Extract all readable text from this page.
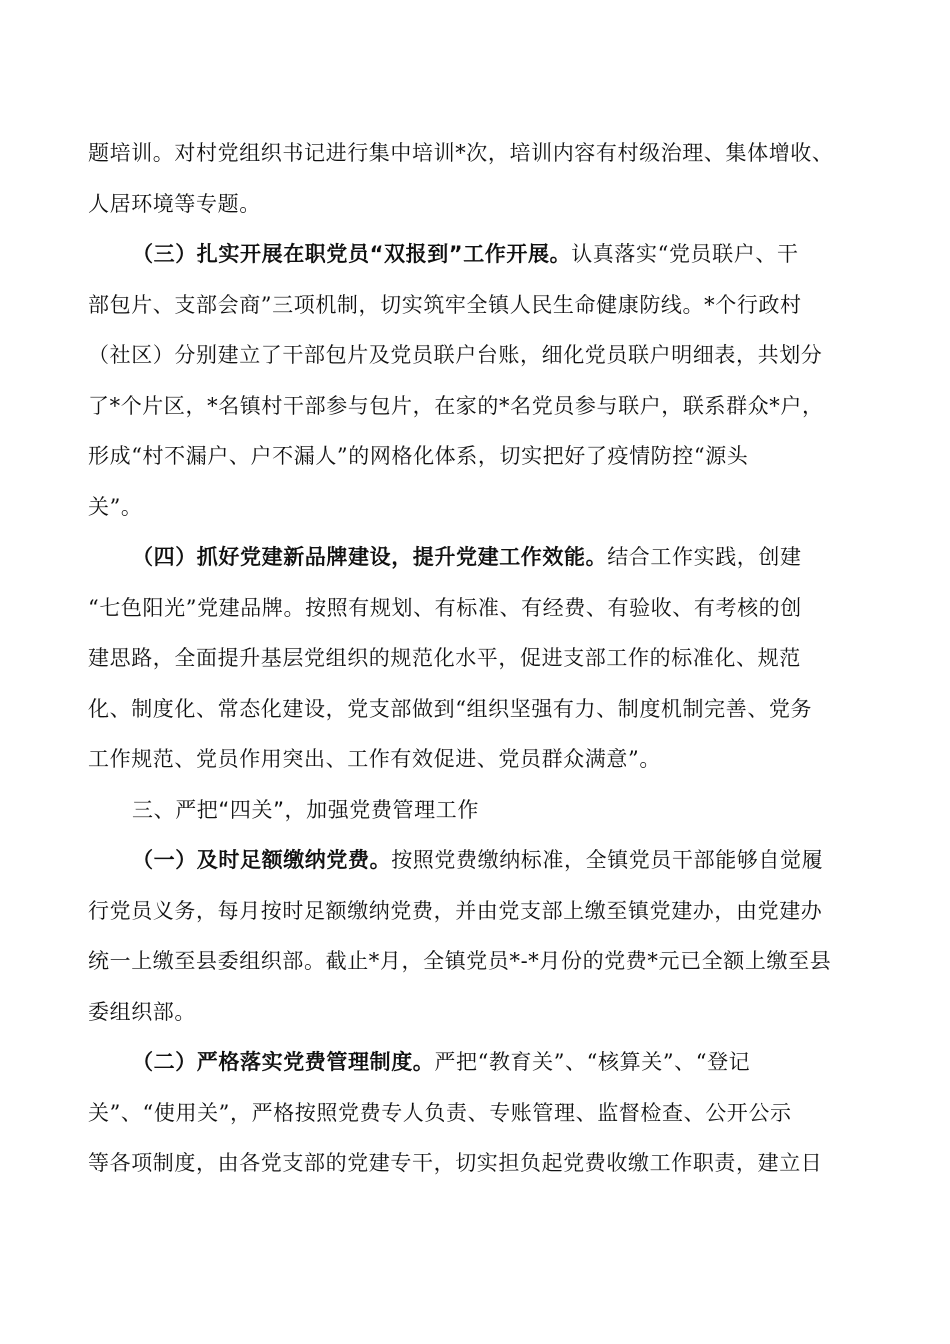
题培训。对村党组织书记进行集中培训*次，培训内容有村级治理、集体增收、
人居环境等专题。
（三）扎实开展在职党员“双报到”工作开展。认真落实“党员联户、干
部包片、支部会商”三项机制，切实筑牢全镇人民生命健康防线。*个行政村
（社区）分别建立了干部包片及党员联户台账，细化党员联户明细表，共划分
了*个片区，*名镇村干部参与包片，在家的*名党员参与联户，联系群众*户，
形成“村不漏户、户不漏人”的网格化体系，切实把好了疫情防控“源头
关”。
（四）抓好党建新品牌建设，提升党建工作效能。结合工作实践，创建
“七色阳光”党建品牌。按照有规划、有标准、有经费、有验收、有考核的创
建思路，全面提升基层党组织的规范化水平，促进支部工作的标准化、规范
化、制度化、常态化建设，党支部做到“组织坚强有力、制度机制完善、党务
工作规范、党员作用突出、工作有效促进、党员群众满意”。
三、严把“四关”，加强党费管理工作
（一）及时足额缴纳党费。按照党费缴纳标准，全镇党员干部能够自觉履
行党员义务，每月按时足额缴纳党费，并由党支部上缴至镇党建办，由党建办
统一上缴至县委组织部。截止*月，全镇党员*-*月份的党费*元已全额上缴至县
委组织部。
（二）严格落实党费管理制度。严把“教育关”、“核算关”、“登记
关”、“使用关”，严格按照党费专人负责、专账管理、监督检查、公开公示
等各项制度，由各党支部的党建专干，切实担负起党费收缴工作职责，建立日
